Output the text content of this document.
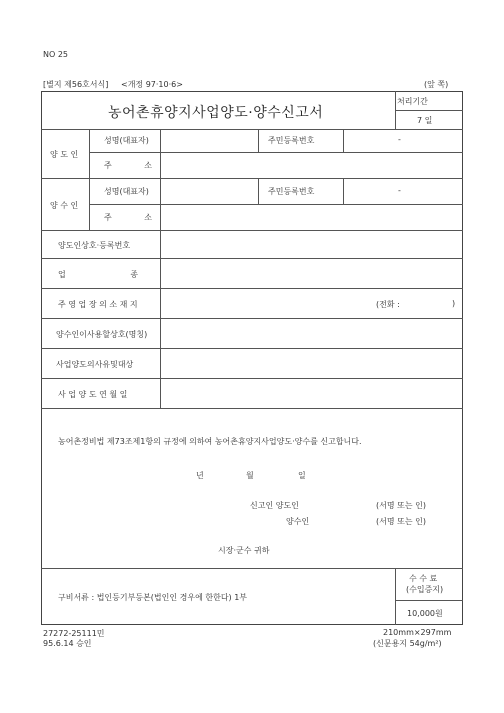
NO 25
[별지 제56호서식] <개정 97·10·6>	(앞 쪽)
농어촌휴양지사업양도·양수신고서
처리기간
7 일
양 도 인
성명(대표자)	주민등록번호	-
주 소
양 수 인
성명(대표자)	주민등록번호	-
주 소
양도인상호·등록번호
업 종
주 영 업 장 의 소 재 지	(전화 :	)
양수인이사용할상호(명칭)
사업양도의사유및대상
사 업 양 도 연 월 일
농어촌정비법 제73조제1항의 규정에 의하여 농어촌휴양지사업양도·양수를 신고합니다.
년	월	일
신고인 양도인	(서명 또는 인)
양수인	(서명 또는 인)
시장·군수 귀하
구비서류 : 법인등기부등본(법인인 경우에 한한다) 1부
수 수 료
(수입증지)
10,000원
27272-25111민
95.6.14 승인
210mm×297mm
(신문용지 54g/m²)
